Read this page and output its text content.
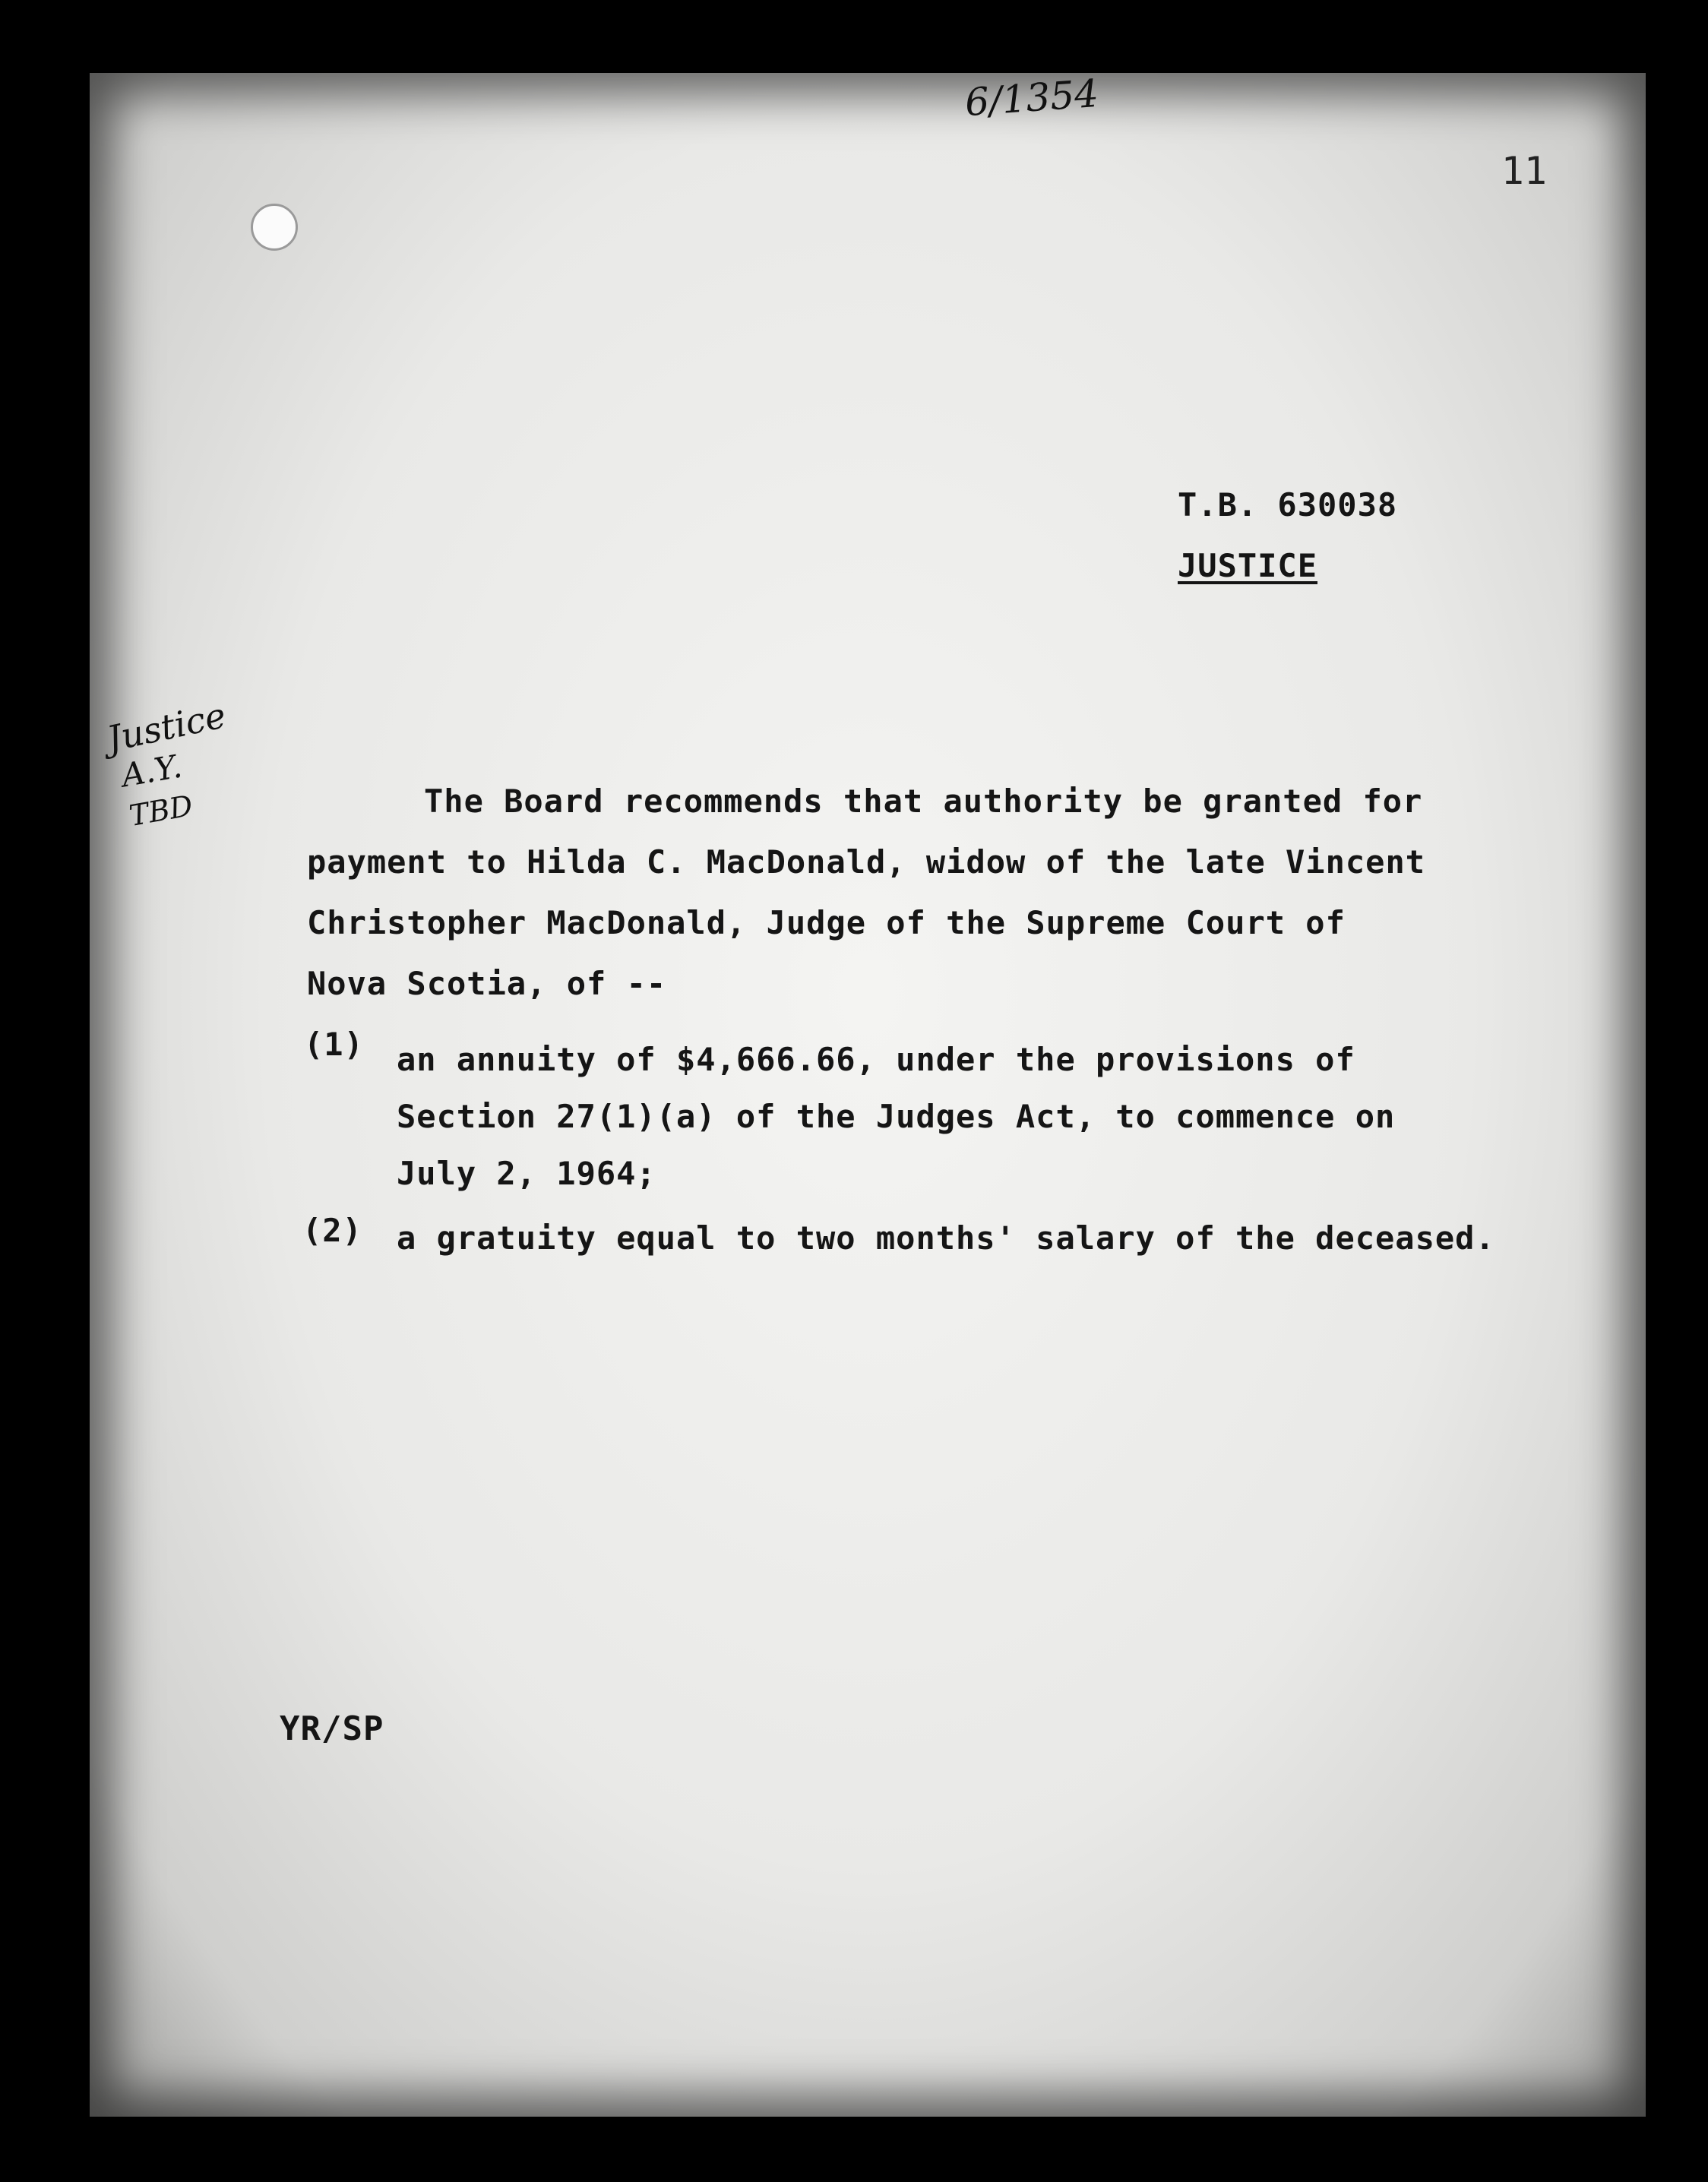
6/1354
11
T.B. 630038
JUSTICE
Justice
A.Y.
TBD	The Board recommends that authority be granted for
payment to Hilda C. MacDonald, widow of the late Vincent
Christopher MacDonald, Judge of the Supreme Court of
Nova Scotia, of --
(1) an annuity of $4,666.66, under the provisions of
Section 27(1)(a) of the Judges Act, to commence on
July 2, 1964;
(2) a gratuity equal to two months' salary of the deceased.
YR/SP
